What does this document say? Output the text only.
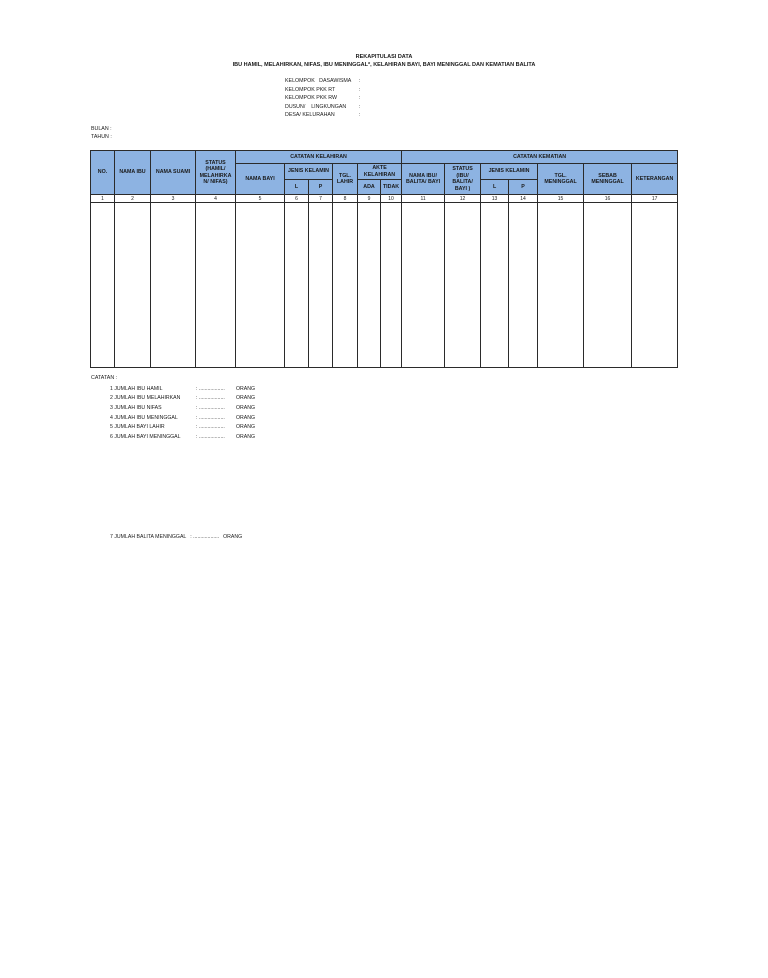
REKAPITULASI DATA
IBU HAMIL, MELAHIRKAN, NIFAS, IBU MENINGGAL*, KELAHIRAN BAYI, BAYI MENINGGAL DAN KEMATIAN BALITA
KELOMPOK   DASAWISMA	:
KELOMPOK PKK RT	:
KELOMPOK PKK RW	:
DUSUN/    LINGKUNGAN	:
DESA/ KELURAHAN	:
BULAN :
TAHUN :
NO.	NAMA IBU	NAMA SUAMI	STATUS (HAMIL/ MELAHIRKA N/ NIFAS)	CATATAN KELAHIRAN						CATATAN KEMATIAN						
				NAMA BAYI	JENIS KELAMIN		TGL. LAHIR	AKTE KELAHIRAN		NAMA IBU/ BALITA/ BAYI	STATUS (IBU/ BALITA/ BAYI )	JENIS KELAMIN		TGL. MENINGGAL	SEBAB MENINGGAL	KETERANGAN
					L	P		ADA	TIDAK			L	P			
1	2	3	4	5	6	7	8	9	10	11	12	13	14	15	16	17

CATATAN :
1 JUMLAH IBU HAMIL	: ..................	ORANG
2 JUMLAH IBU MELAHIRKAN	: ..................	ORANG
3 JUMLAH IBU NIFAS	: ..................	ORANG
4 JUMLAH IBU MENINGGAL	: ..................	ORANG
5 JUMLAH BAYI LAHIR	: ..................	ORANG
6 JUMLAH BAYI MENINGGAL	: ..................	ORANG
7 JUMLAH BALITA MENINGGAL : .................. ORANG
